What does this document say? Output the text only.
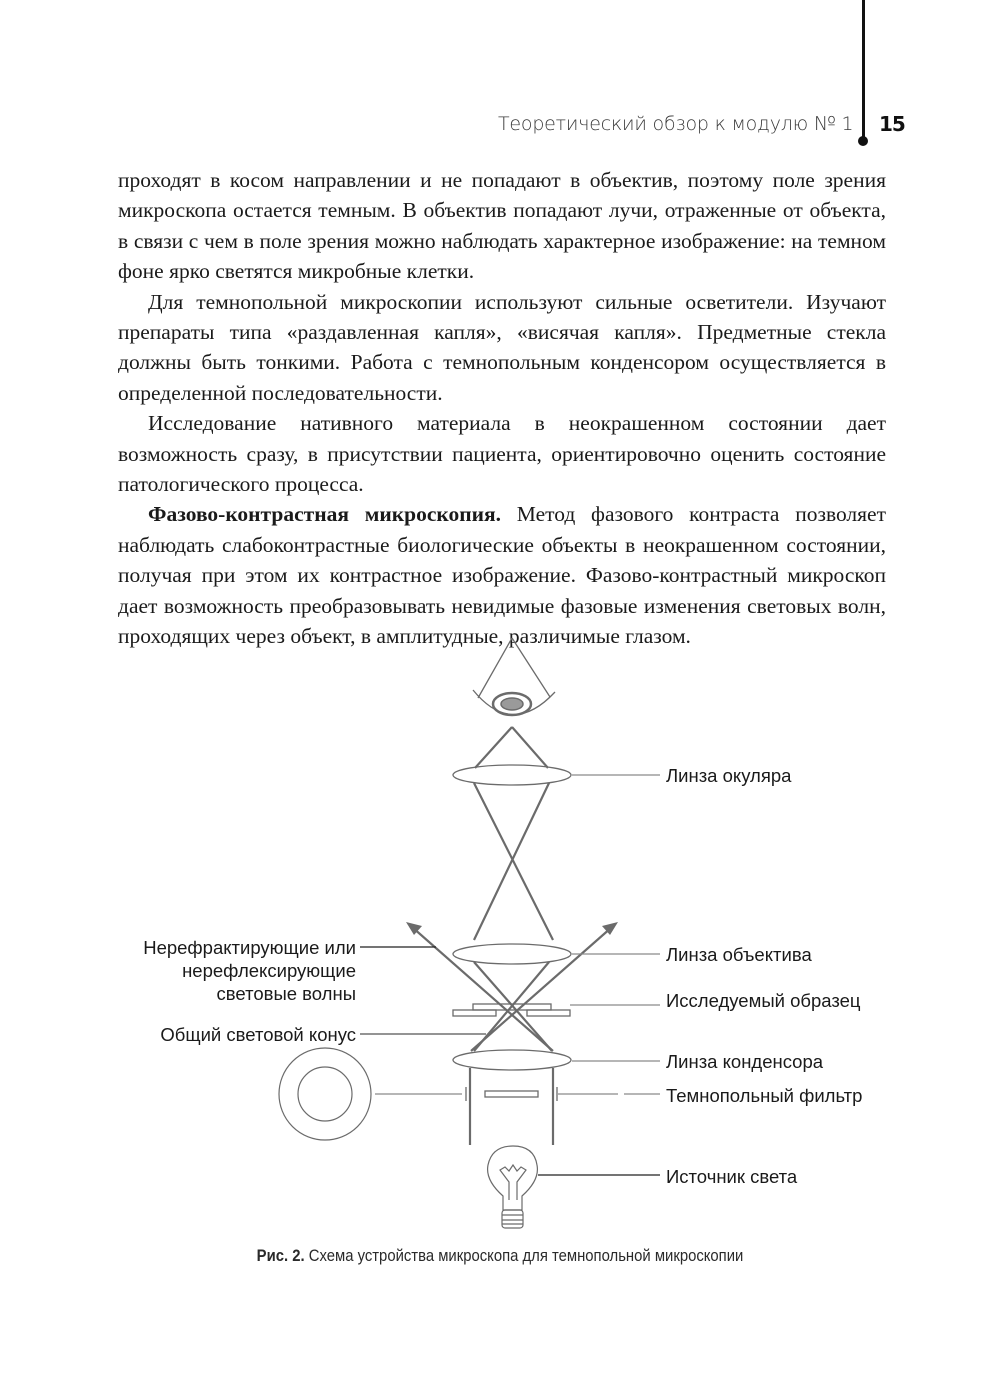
Теоретический обзор к модулю № 1 15

проходят в косом направлении и не попадают в объектив, поэтому поле зрения микроскопа остается темным. В объектив попадают лучи, отраженные от объекта, в связи с чем в поле зрения можно наблюдать характерное изображение: на темном фоне ярко светятся микробные клетки.

Для темнопольной микроскопии используют сильные осветители. Изучают препараты типа «раздавленная капля», «висячая капля». Предметные стекла должны быть тонкими. Работа с темнопольным конденсором осуществляется в определенной последовательности.

Исследование нативного материала в неокрашенном состоянии дает возможность сразу, в присутствии пациента, ориентировочно оценить состояние патологического процесса.

Фазово-контрастная микроскопия. Метод фазового контраста позволяет наблюдать слабоконтрастные биологические объекты в неокрашенном состоянии, получая при этом их контрастное изображение. Фазово-контрастный микроскоп дает возможность преобразовывать невидимые фазовые изменения световых волн, проходящих через объект, в амплитудные, различимые глазом.

Линза окуляра
Линза объектива
Исследуемый образец
Линза конденсора
Темнопольный фильтр
Источник света
Нерефрактирующие или
нерефлексирующие
световые волны
Общий световой конус
Рис. 2. Схема устройства микроскопа для темнопольной микроскопии
